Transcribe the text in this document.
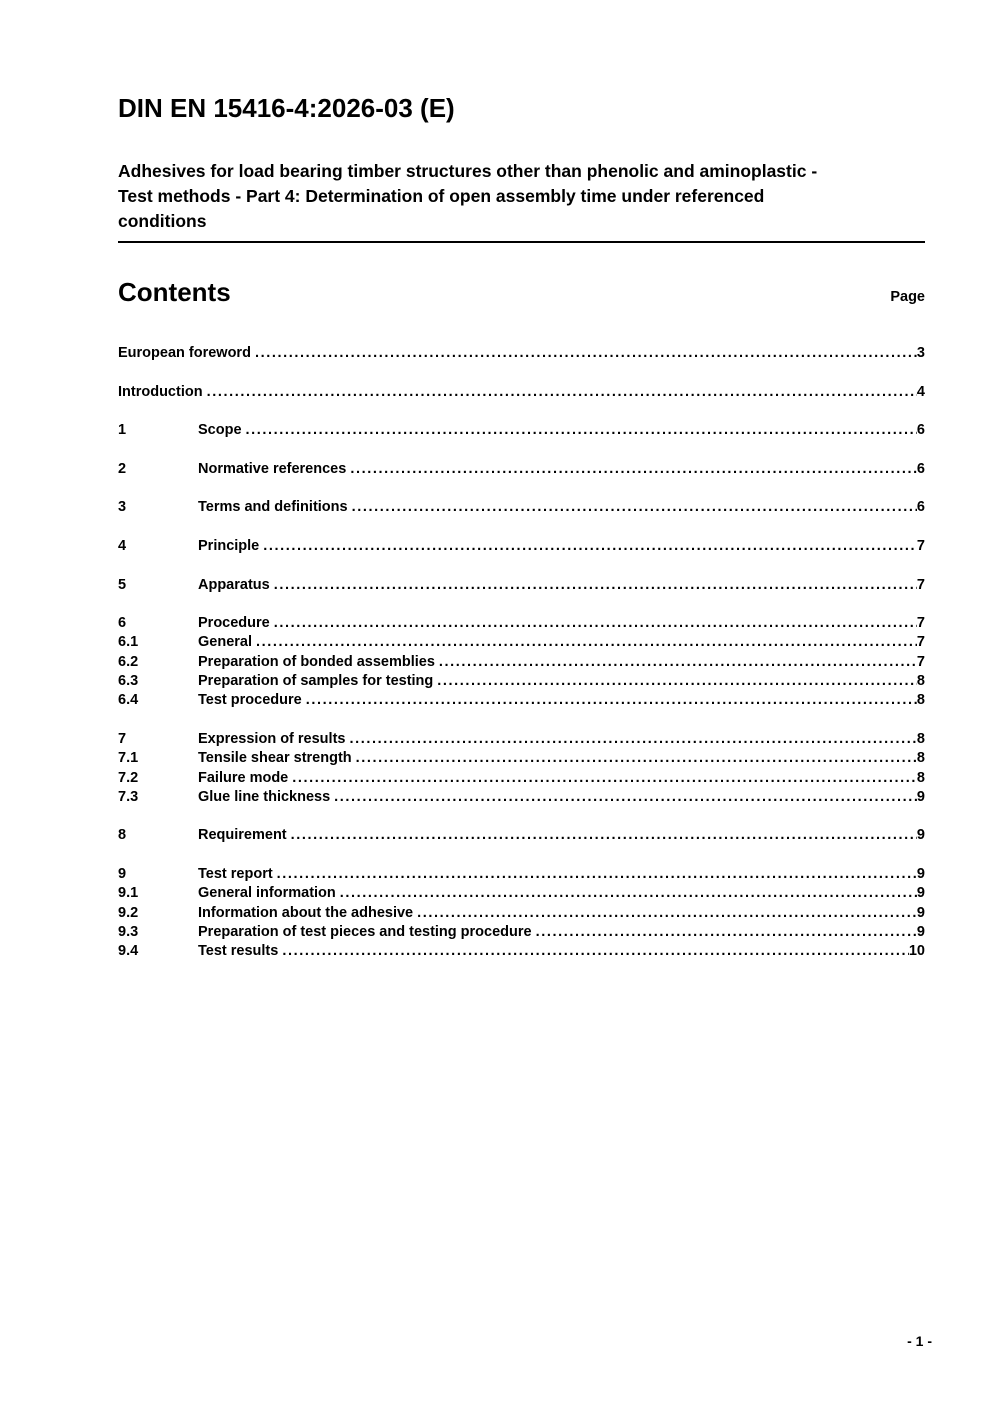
DIN EN 15416-4:2026-03 (E)
Adhesives for load bearing timber structures other than phenolic and aminoplastic -
Test methods - Part 4: Determination of open assembly time under referenced
conditions
Contents	Page
European foreword .....	3
Introduction .....	4
1	Scope .....	6
2	Normative references .....	6
3	Terms and definitions .....	6
4	Principle .....	7
5	Apparatus .....	7
6	Procedure .....	7
6.1	General .....	7
6.2	Preparation of bonded assemblies .....	7
6.3	Preparation of samples for testing .....	8
6.4	Test procedure .....	8
7	Expression of results .....	8
7.1	Tensile shear strength .....	8
7.2	Failure mode .....	8
7.3	Glue line thickness .....	9
8	Requirement .....	9
9	Test report .....	9
9.1	General information .....	9
9.2	Information about the adhesive .....	9
9.3	Preparation of test pieces and testing procedure .....	9
9.4	Test results .....	10
- 1 -
